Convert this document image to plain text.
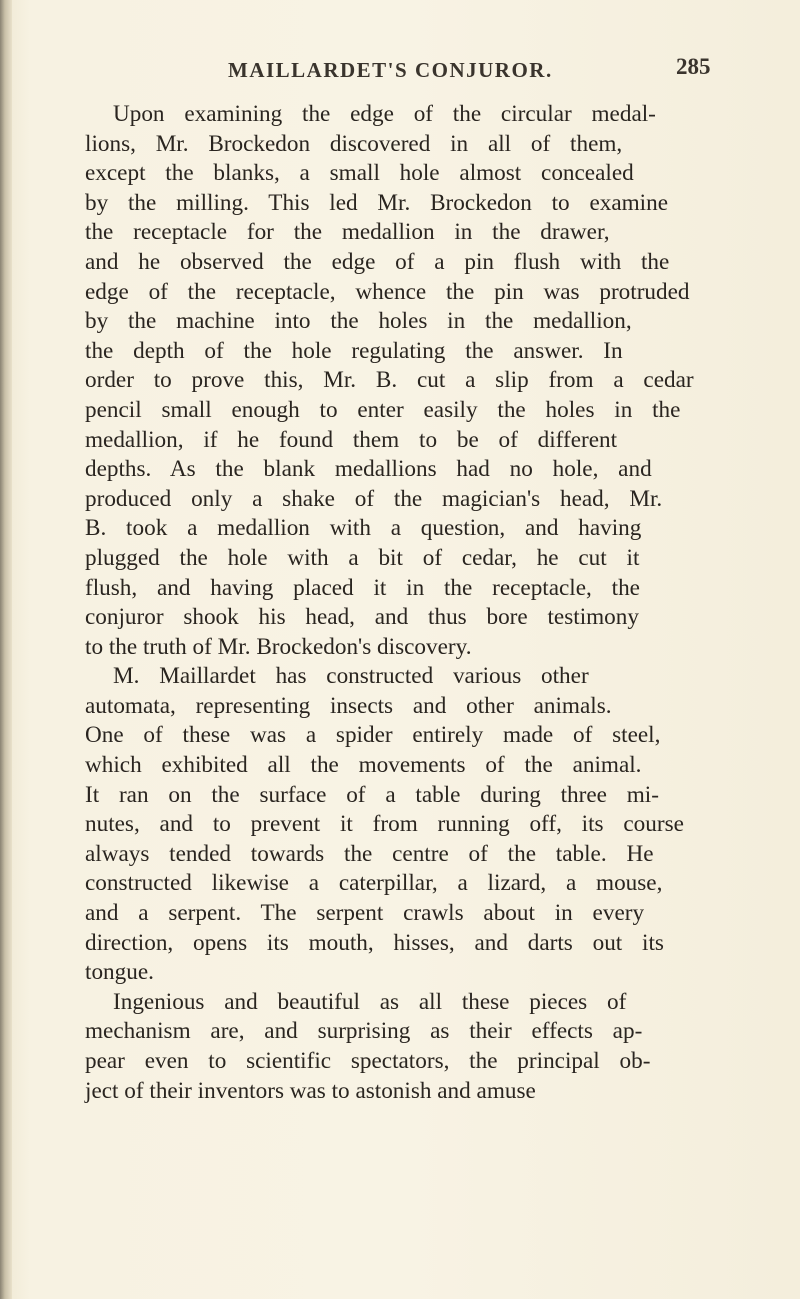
MAILLARDET'S CONJUROR.	285

Upon examining the edge of the circular medal-
lions, Mr. Brockedon discovered in all of them,
except the blanks, a small hole almost concealed
by the milling. This led Mr. Brockedon to examine
the receptacle for the medallion in the drawer,
and he observed the edge of a pin flush with the
edge of the receptacle, whence the pin was protruded
by the machine into the holes in the medallion,
the depth of the hole regulating the answer. In
order to prove this, Mr. B. cut a slip from a cedar
pencil small enough to enter easily the holes in the
medallion, if he found them to be of different
depths. As the blank medallions had no hole, and
produced only a shake of the magician's head, Mr.
B. took a medallion with a question, and having
plugged the hole with a bit of cedar, he cut it
flush, and having placed it in the receptacle, the
conjuror shook his head, and thus bore testimony
to the truth of Mr. Brockedon's discovery.

M. Maillardet has constructed various other
automata, representing insects and other animals.
One of these was a spider entirely made of steel,
which exhibited all the movements of the animal.
It ran on the surface of a table during three mi-
nutes, and to prevent it from running off, its course
always tended towards the centre of the table. He
constructed likewise a caterpillar, a lizard, a mouse,
and a serpent. The serpent crawls about in every
direction, opens its mouth, hisses, and darts out its
tongue.

Ingenious and beautiful as all these pieces of
mechanism are, and surprising as their effects ap-
pear even to scientific spectators, the principal ob-
ject of their inventors was to astonish and amuse
